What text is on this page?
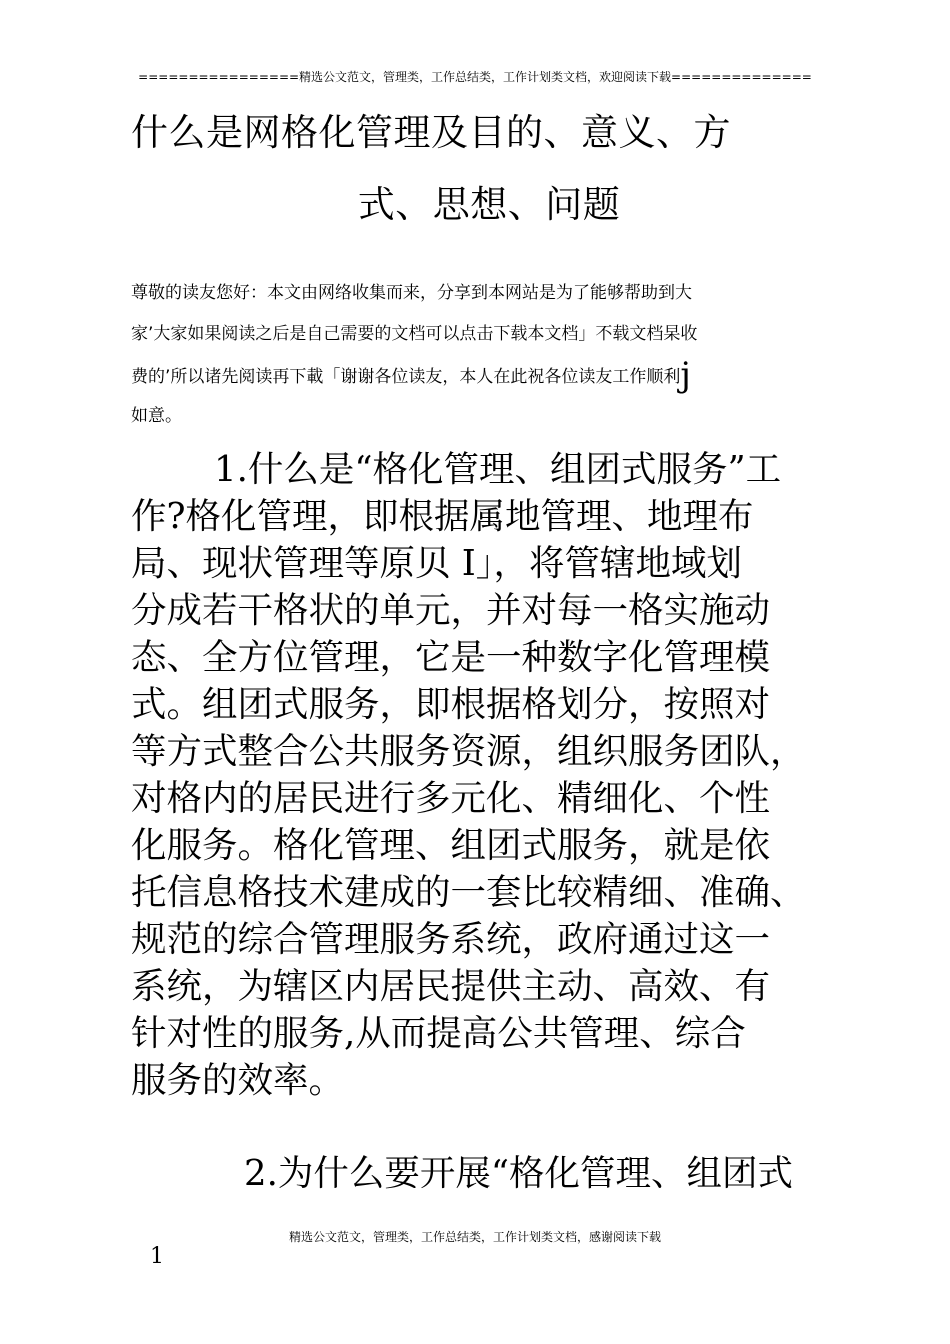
================精选公文范文，管理类，工作总结类，工作计划类文档，欢迎阅读下载==============
什么是网格化管理及目的、意义、方
式、思想、问题
尊敬的读友您好：本文由网络收集而来，分享到本网站是为了能够帮助到大
家’大家如果阅读之后是自己需要的文档可以点击下载本文档」不载文档杲收
费的’所以诸先阅读再下載「谢谢各位读友，本人在此祝各位读友工作顺利j
如意。
1.什么是“格化管理、组团式服务”工
作?格化管理，即根据属地管理、地理布
局、现状管理等原贝 I」，将管辖地域划
分成若干格状的单元，并对每一格实施动
态、全方位管理，它是一种数字化管理模
式。组团式服务，即根据格划分，按照对
等方式整合公共服务资源，组织服务团队，
对格内的居民进行多元化、精细化、个性
化服务。格化管理、组团式服务，就是依
托信息格技术建成的一套比较精细、准确、
规范的综合管理服务系统，政府通过这一
系统，为辖区内居民提供主动、高效、有
针对性的服务,从而提高公共管理、综合
服务的效率。
2.为什么要开展“格化管理、组团式
精选公文范文，管理类，工作总结类，工作计划类文档，感谢阅读下载
1
